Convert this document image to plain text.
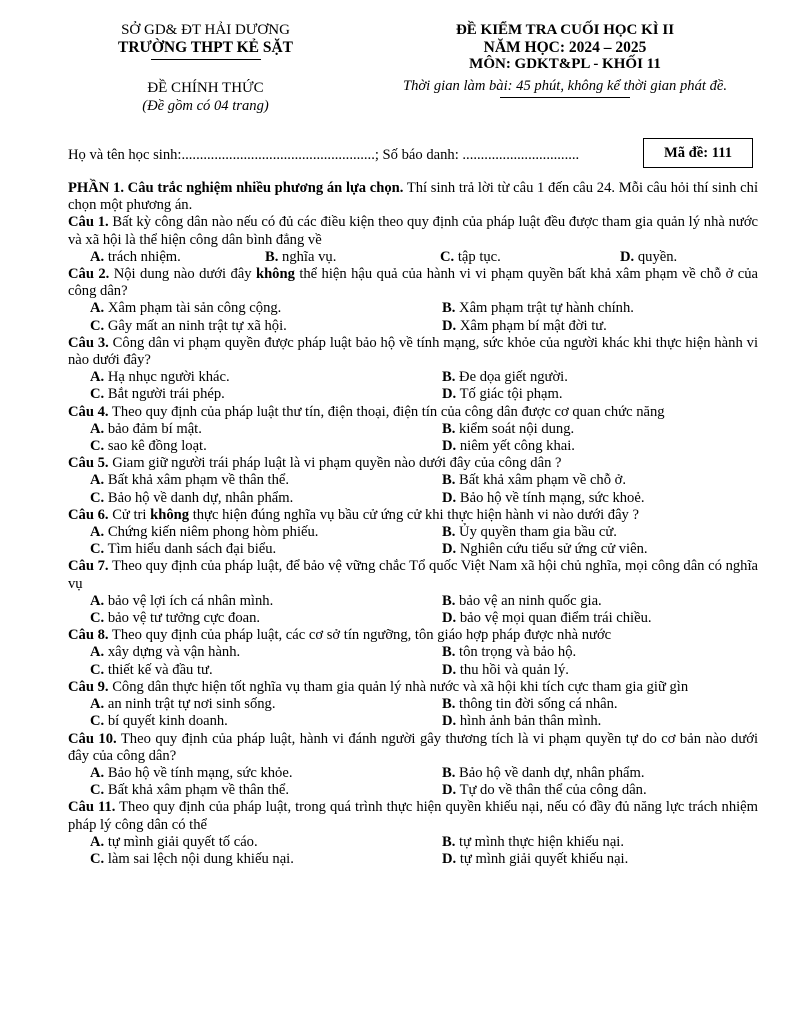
SỞ GD& ĐT HẢI DƯƠNG
TRƯỜNG THPT KẺ SẶT
ĐỀ CHÍNH THỨC
(Đề gồm có 04 trang)
ĐỀ KIỂM TRA CUỐI HỌC KÌ II
NĂM HỌC: 2024 – 2025
MÔN: GDKT&PL - KHỐI 11
Thời gian làm bài: 45 phút, không kể thời gian phát đề.
Họ và tên học sinh:.....................................................; Số báo danh: ................................	Mã đề: 111

PHẦN 1. Câu trắc nghiệm nhiều phương án lựa chọn. Thí sinh trả lời từ câu 1 đến câu 24. Mỗi câu hỏi thí sinh chỉ chọn một phương án.

Câu 1. Bất kỳ công dân nào nếu có đủ các điều kiện theo quy định của pháp luật đều được tham gia quản lý nhà nước và xã hội là thể hiện công dân bình đẳng về

A. trách nhiệm.	B. nghĩa vụ.	C. tập tục.	D. quyền.

Câu 2. Nội dung nào dưới đây không thể hiện hậu quả của hành vi vi phạm quyền bất khả xâm phạm về chỗ ở của công dân?

A. Xâm phạm tài sản công cộng.	B. Xâm phạm trật tự hành chính.
C. Gây mất an ninh trật tự xã hội.	D. Xâm phạm bí mật đời tư.

Câu 3. Công dân vi phạm quyền được pháp luật bảo hộ về tính mạng, sức khỏe của người khác khi thực hiện hành vi nào dưới đây?

A. Hạ nhục người khác.	B. Đe dọa giết người.
C. Bắt người trái phép.	D. Tố giác tội phạm.

Câu 4. Theo quy định của pháp luật thư tín, điện thoại, điện tín của công dân được cơ quan chức năng

A. bảo đảm bí mật.	B. kiểm soát nội dung.
C. sao kê đồng loạt.	D. niêm yết công khai.

Câu 5. Giam giữ người trái pháp luật là vi phạm quyền nào dưới đây của công dân ?

A. Bất khả xâm phạm về thân thể.	B. Bất khả xâm phạm về chỗ ở.
C. Bảo hộ về danh dự, nhân phẩm.	D. Bảo hộ về tính mạng, sức khoẻ.

Câu 6. Cử tri không thực hiện đúng nghĩa vụ bầu cử ứng cử khi thực hiện hành vi nào dưới đây ?

A. Chứng kiến niêm phong hòm phiếu.	B. Ủy quyền tham gia bầu cử.
C. Tìm hiểu danh sách đại biểu.	D. Nghiên cứu tiểu sử ứng cử viên.

Câu 7. Theo quy định của pháp luật, để bảo vệ vững chắc Tổ quốc Việt Nam xã hội chủ nghĩa, mọi công dân có nghĩa vụ

A. bảo vệ lợi ích cá nhân mình.	B. bảo vệ an ninh quốc gia.
C. bảo vệ tư tưởng cực đoan.	D. bảo vệ mọi quan điểm trái chiều.

Câu 8. Theo quy định của pháp luật, các cơ sở tín ngưỡng, tôn giáo hợp pháp được nhà nước

A. xây dựng và vận hành.	B. tôn trọng và bảo hộ.
C. thiết kế và đầu tư.	D. thu hồi và quản lý.

Câu 9. Công dân thực hiện tốt nghĩa vụ tham gia quản lý nhà nước và xã hội khi tích cực tham gia giữ gìn

A. an ninh trật tự nơi sinh sống.	B. thông tin đời sống cá nhân.
C. bí quyết kinh doanh.	D. hình ảnh bản thân mình.

Câu 10. Theo quy định của pháp luật, hành vi đánh người gây thương tích là vi phạm quyền tự do cơ bản nào dưới đây của công dân?

A. Bảo hộ về tính mạng, sức khỏe.	B. Bảo hộ về danh dự, nhân phẩm.
C. Bất khả xâm phạm về thân thể.	D. Tự do về thân thể của công dân.

Câu 11. Theo quy định của pháp luật, trong quá trình thực hiện quyền khiếu nại, nếu có đầy đủ năng lực trách nhiệm pháp lý công dân có thể

A. tự mình giải quyết tố cáo.	B. tự mình thực hiện khiếu nại.
C. làm sai lệch nội dung khiếu nại.	D. tự mình giải quyết khiếu nại.
